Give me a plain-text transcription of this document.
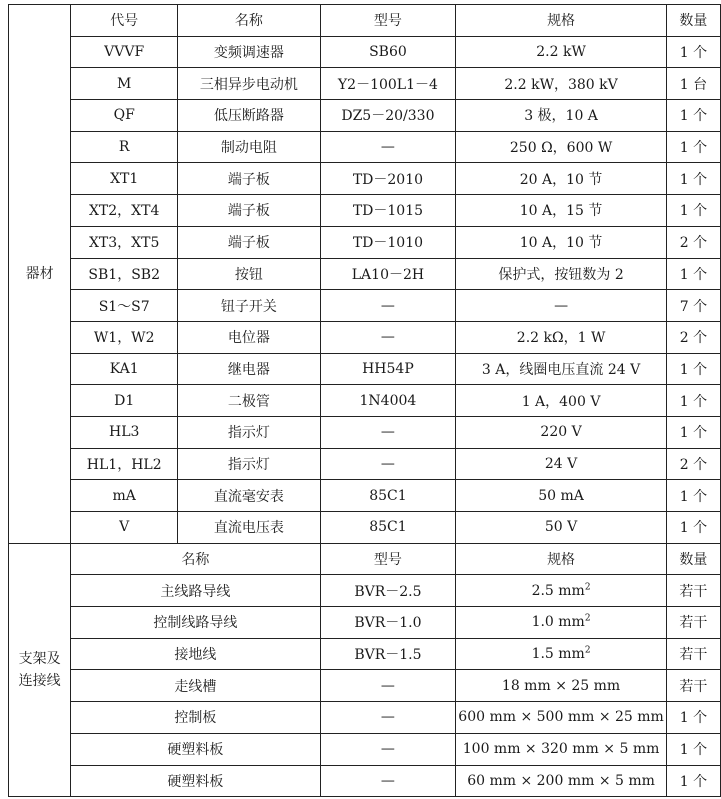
器材	代号	名称	型号	规格	数量
	VVVF	变频调速器	SB60	2.2 kW	1 个
	M	三相异步电动机	Y2－100L1－4	2.2 kW，380 kV	1 台
	QF	低压断路器	DZ5－20/330	3 极，10 A	1 个
	R	制动电阻	—	250 Ω，600 W	1 个
	XT1	端子板	TD－2010	20 A，10 节	1 个
	XT2，XT4	端子板	TD－1015	10 A，15 节	1 个
	XT3，XT5	端子板	TD－1010	10 A，10 节	2 个
	SB1，SB2	按钮	LA10－2H	保护式，按钮数为 2	1 个
	S1～S7	钮子开关	—	—	7 个
	W1，W2	电位器	—	2.2 kΩ，1 W	2 个
	KA1	继电器	HH54P	3 A，线圈电压直流 24 V	1 个
	D1	二极管	1N4004	1 A，400 V	1 个
	HL3	指示灯	—	220 V	1 个
	HL1，HL2	指示灯	—	24 V	2 个
	mA	直流毫安表	85C1	50 mA	1 个
	V	直流电压表	85C1	50 V	1 个

支架及
连接线	名称		型号	规格	数量
	主线路导线		BVR－2.5	2.5 $mm^2$	若干
	控制线路导线		BVR－1.0	1.0 $mm^2$	若干
	接地线		BVR－1.5	1.5 $mm^2$	若干
	走线槽		—	18 mm × 25 mm	若干
	控制板		—	600 mm × 500 mm × 25 mm	1 个
	硬塑料板		—	100 mm × 320 mm × 5 mm	1 个
	硬塑料板		—	60 mm × 200 mm × 5 mm	1 个
